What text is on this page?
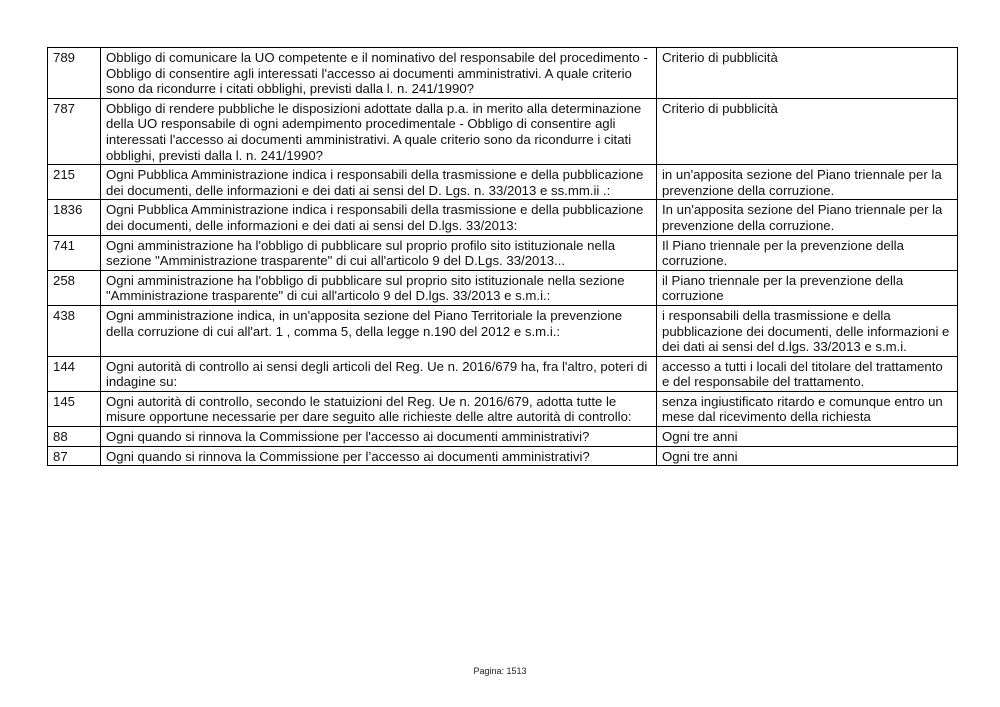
789	Obbligo di comunicare la UO competente e il nominativo del responsabile del procedimento - Obbligo di consentire agli interessati l'accesso ai documenti amministrativi. A quale criterio sono da ricondurre i citati obblighi, previsti dalla l. n. 241/1990?	Criterio di pubblicità
787	Obbligo di rendere pubbliche le disposizioni adottate dalla p.a. in merito alla determinazione della UO responsabile di ogni adempimento procedimentale - Obbligo di consentire agli interessati l'accesso ai documenti amministrativi. A quale criterio sono da ricondurre i citati obblighi, previsti dalla l. n. 241/1990?	Criterio di pubblicità
215	Ogni Pubblica Amministrazione indica i responsabili della trasmissione e della pubblicazione dei documenti, delle informazioni e dei dati ai sensi del D. Lgs. n. 33/2013 e ss.mm.ii .:	in un'apposita sezione del Piano triennale per la prevenzione della corruzione.
1836	Ogni Pubblica Amministrazione indica i responsabili della trasmissione e della pubblicazione dei documenti, delle informazioni e dei dati ai sensi del D.lgs. 33/2013:	In un'apposita sezione del Piano triennale per la prevenzione della corruzione.
741	Ogni amministrazione ha l'obbligo di pubblicare sul proprio profilo sito istituzionale nella sezione "Amministrazione trasparente" di cui all'articolo 9 del D.Lgs. 33/2013...	Il Piano triennale per la prevenzione della corruzione.
258	Ogni amministrazione ha l'obbligo di pubblicare sul proprio sito istituzionale nella sezione "Amministrazione trasparente" di cui all'articolo 9 del D.lgs. 33/2013 e s.m.i.:	il Piano triennale per la prevenzione della corruzione
438	Ogni amministrazione indica, in un'apposita sezione del Piano Territoriale la prevenzione della corruzione di cui all'art. 1 , comma 5, della legge n.190 del 2012 e s.m.i.:	i responsabili della trasmissione e della pubblicazione dei documenti, delle informazioni e dei dati ai sensi del d.lgs. 33/2013 e s.m.i.
144	Ogni autorità di controllo ai sensi degli articoli del Reg. Ue n. 2016/679 ha, fra l'altro, poteri di indagine su:	accesso a tutti i locali del titolare del trattamento e del responsabile del trattamento.
145	Ogni autorità di controllo, secondo le statuizioni del Reg. Ue n. 2016/679, adotta tutte le misure opportune necessarie per dare seguito alle richieste delle altre autorità di controllo:	senza ingiustificato ritardo e comunque entro un mese dal ricevimento della richiesta
88	Ogni quando si rinnova la Commissione per l'accesso ai documenti amministrativi?	Ogni tre anni
87	Ogni quando si rinnova la Commissione per l’accesso ai documenti amministrativi?	Ogni tre anni
Pagina: 1513
